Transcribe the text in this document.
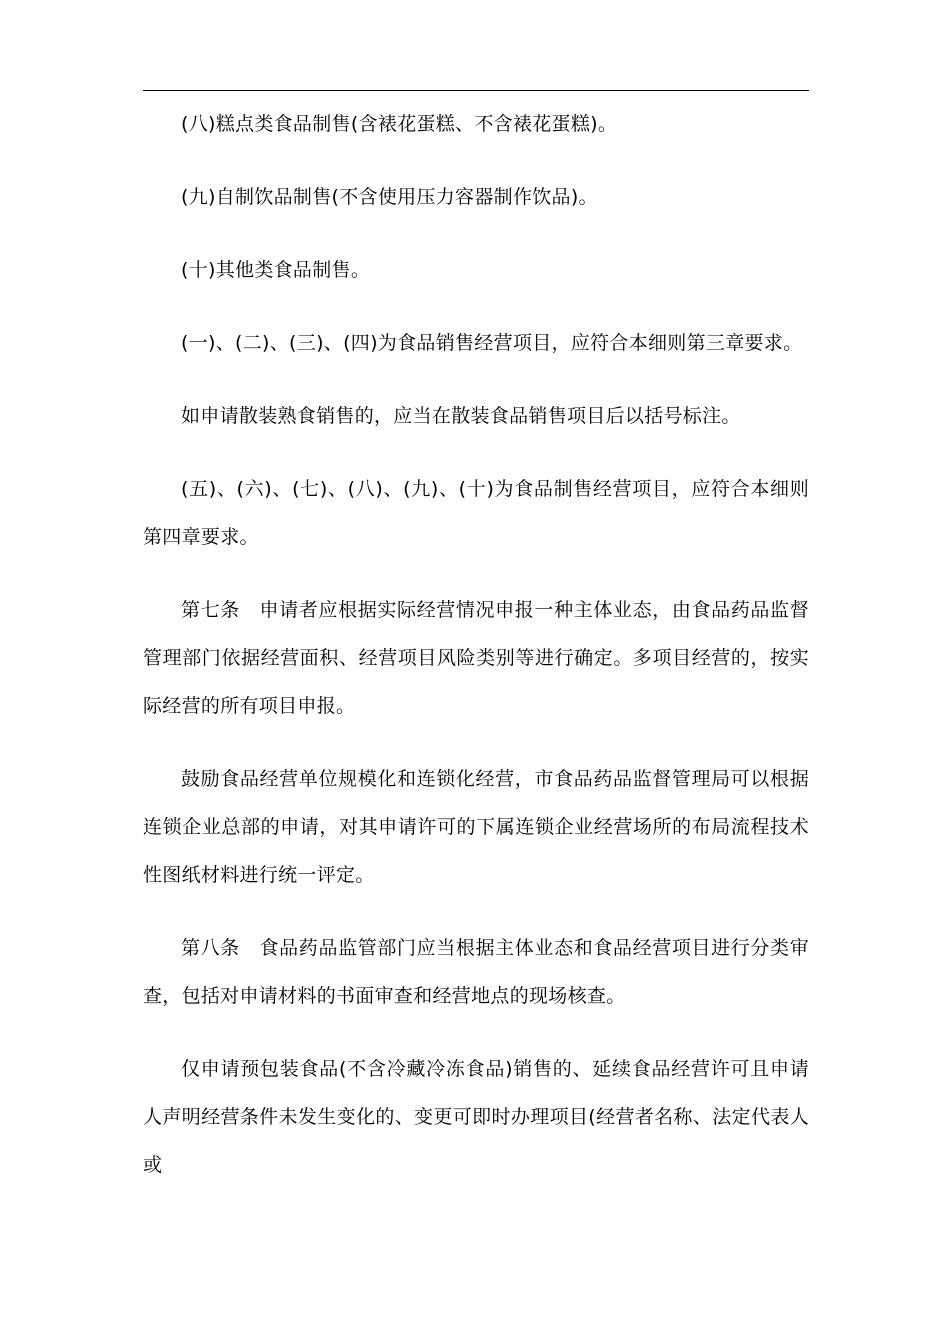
(八)糕点类食品制售(含裱花蛋糕、不含裱花蛋糕)。

(九)自制饮品制售(不含使用压力容器制作饮品)。

(十)其他类食品制售。

(一)、(二)、(三)、(四)为食品销售经营项目，应符合本细则第三章要求。

如申请散装熟食销售的，应当在散装食品销售项目后以括号标注。

(五)、(六)、(七)、(八)、(九)、(十)为食品制售经营项目，应符合本细则第四章要求。

第七条　申请者应根据实际经营情况申报一种主体业态，由食品药品监督管理部门依据经营面积、经营项目风险类别等进行确定。多项目经营的，按实际经营的所有项目申报。

鼓励食品经营单位规模化和连锁化经营，市食品药品监督管理局可以根据连锁企业总部的申请，对其申请许可的下属连锁企业经营场所的布局流程技术性图纸材料进行统一评定。

第八条　食品药品监管部门应当根据主体业态和食品经营项目进行分类审查，包括对申请材料的书面审查和经营地点的现场核查。

仅申请预包装食品(不含冷藏冷冻食品)销售的、延续食品经营许可且申请人声明经营条件未发生变化的、变更可即时办理项目(经营者名称、法定代表人或
